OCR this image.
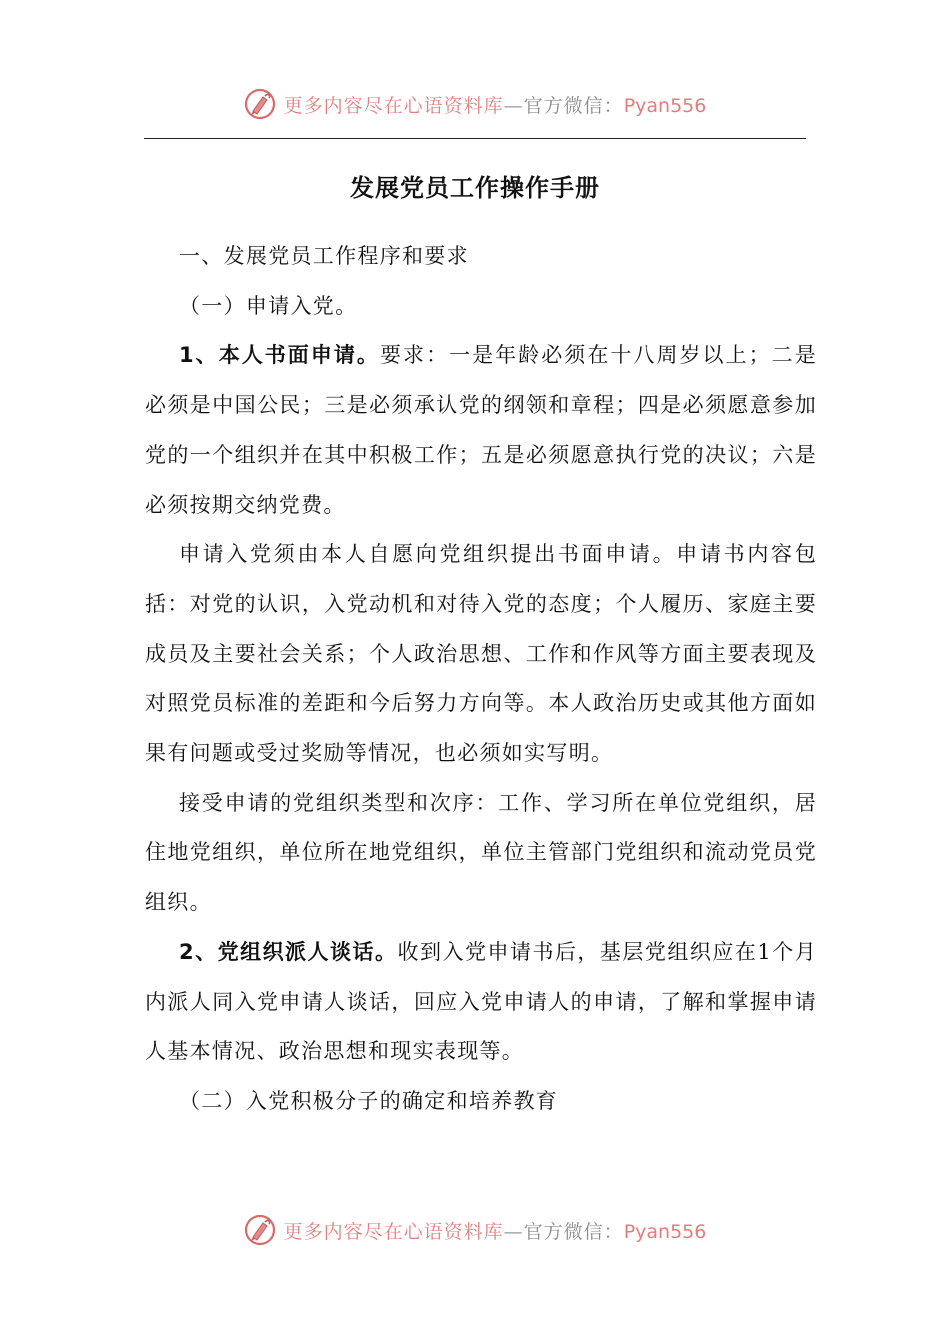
更多内容尽在心语资料库—官方微信：Pyan556
发展党员工作操作手册

一、发展党员工作程序和要求

（一）申请入党。

1、本人书面申请。要求：一是年龄必须在十八周岁以上；二是必须是中国公民；三是必须承认党的纲领和章程；四是必须愿意参加党的一个组织并在其中积极工作；五是必须愿意执行党的决议；六是必须按期交纳党费。

申请入党须由本人自愿向党组织提出书面申请。申请书内容包括：对党的认识，入党动机和对待入党的态度；个人履历、家庭主要成员及主要社会关系；个人政治思想、工作和作风等方面主要表现及对照党员标准的差距和今后努力方向等。本人政治历史或其他方面如果有问题或受过奖励等情况，也必须如实写明。

接受申请的党组织类型和次序：工作、学习所在单位党组织，居住地党组织，单位所在地党组织，单位主管部门党组织和流动党员党组织。

2、党组织派人谈话。收到入党申请书后，基层党组织应在1个月内派人同入党申请人谈话，回应入党申请人的申请，了解和掌握申请人基本情况、政治思想和现实表现等。

（二）入党积极分子的确定和培养教育

更多内容尽在心语资料库—官方微信：Pyan556
